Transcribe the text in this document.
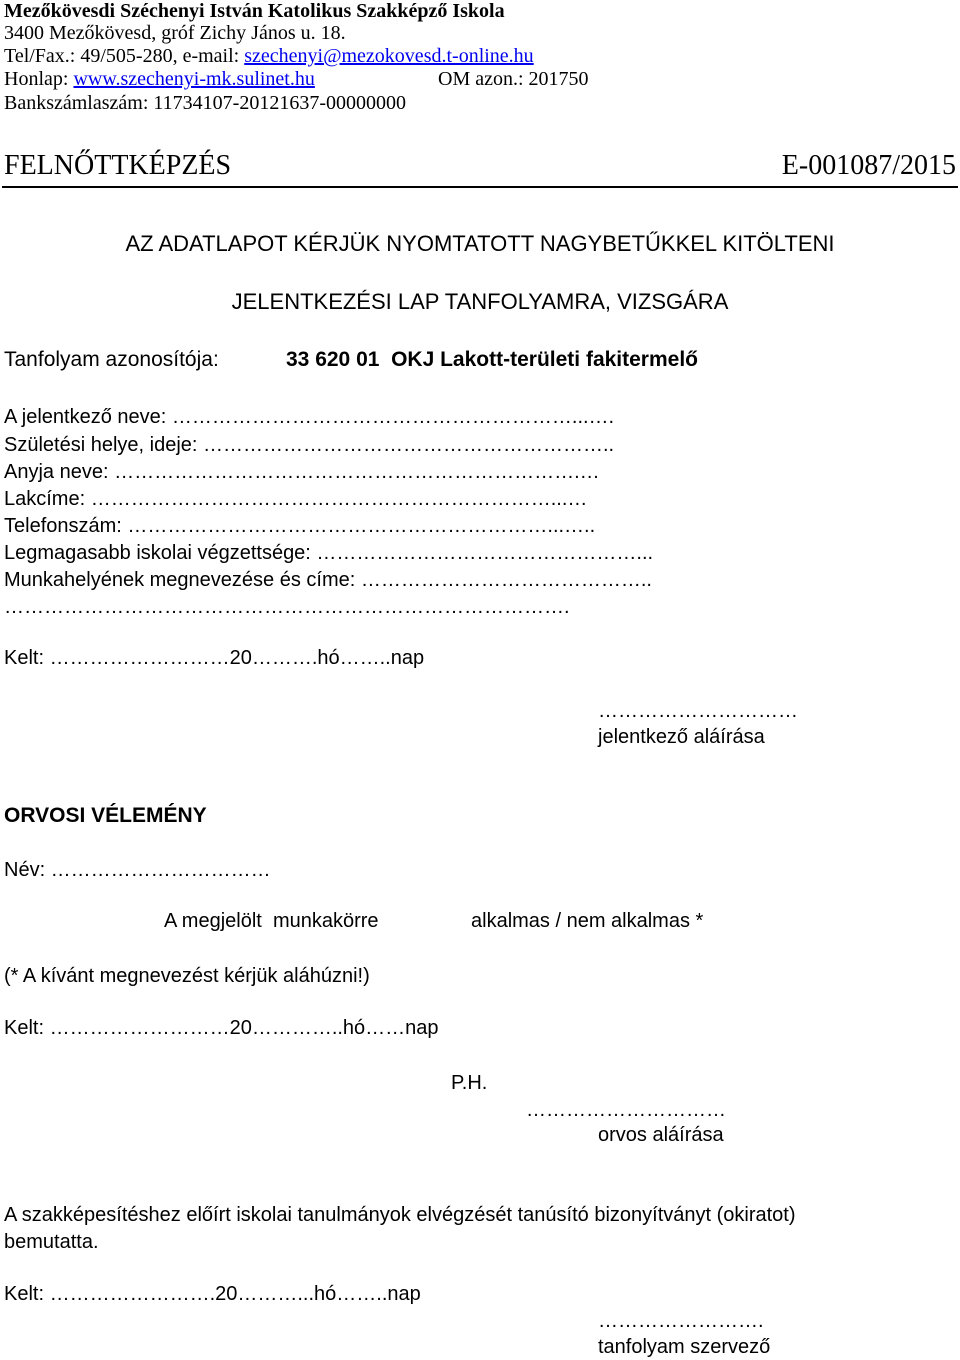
Mezőkövesdi Széchenyi István Katolikus Szakképző Iskola
3400 Mezőkövesd, gróf Zichy János u. 18.
Tel/Fax.: 49/505-280, e-mail: szechenyi@mezokovesd.t-online.hu
Honlap: www.szechenyi-mk.sulinet.hu	OM azon.: 201750
Bankszámlaszám: 11734107-20121637-00000000
FELNŐTTKÉPZÉS	E-001087/2015
AZ ADATLAPOT KÉRJÜK NYOMTATOTT NAGYBETŰKKEL KITÖLTENI
JELENTKEZÉSI LAP TANFOLYAMRA, VIZSGÁRA
Tanfolyam azonosítója:	33 620 01  OKJ Lakott-területi fakitermelő
A jelentkező neve: ……………………………………………………...….
Születési helye, ideje: ……………………………………………………..
Anyja neve: …………………………………………………………….…
Lakcíme: ……………………………………………………………...…
Telefonszám: ………………………………………………………...…..
Legmagasabb iskolai végzettsége: …………………………………………...
Munkahelyének megnevezése és címe: ……………………………………..
………………………………………………………………………….
Kelt: ………………………20……….hó……..nap
…………………………
jelentkező aláírása
ORVOSI VÉLEMÉNY
Név: ……………………………
A megjelölt  munkakörre	alkalmas / nem alkalmas *
(* A kívánt megnevezést kérjük aláhúzni!)
Kelt: ………………………20…………..hó……nap
P.H.
…………………………
orvos aláírása
A szakképesítéshez előírt iskolai tanulmányok elvégzését tanúsító bizonyítványt (okiratot)
bemutatta.
Kelt: …………………….20………...hó……..nap
…………………….
tanfolyam szervező
